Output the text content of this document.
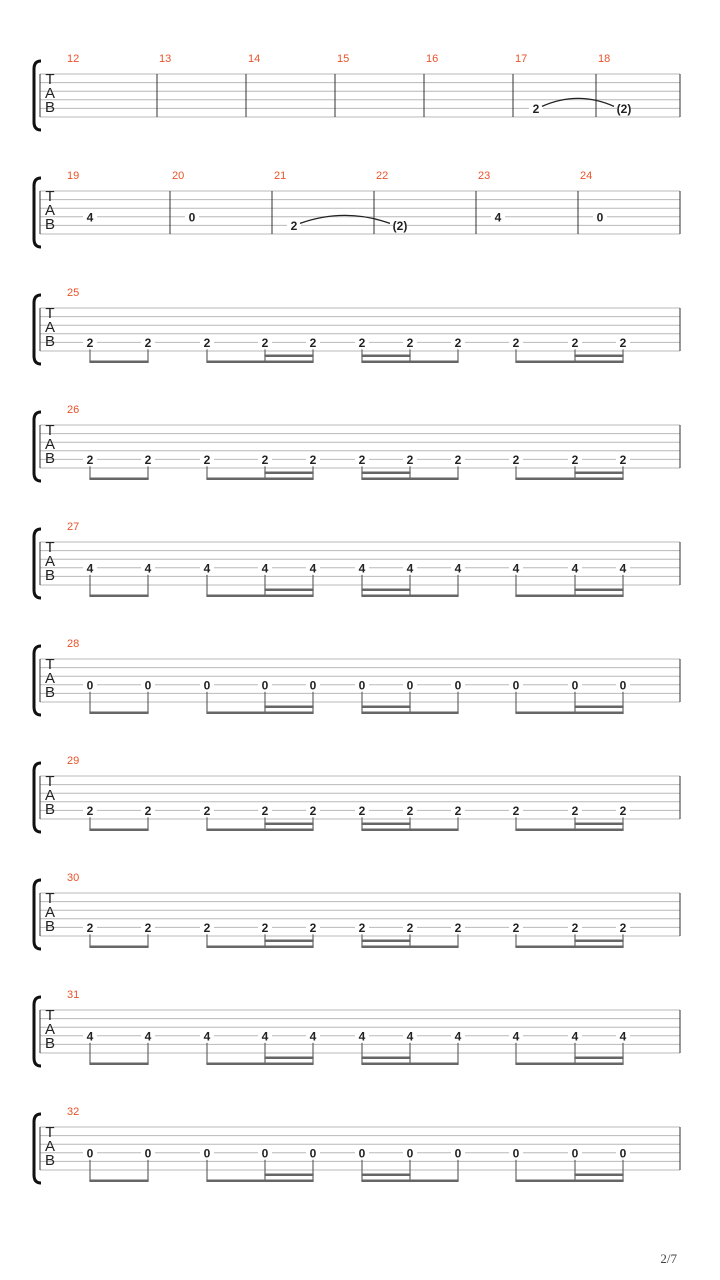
T
A
B
12	13	14	15	16	17	18
2	(2)
T
A
B
19	20	21	22	23	24
4	0
2	(2)
4	0
T
A
B
25
2	2	2	2	2	2	2	2	2	2	2
T
A
B
26
2	2	2	2	2	2	2	2	2	2	2
T
A
B
27
4	4	4	4	4	4	4	4	4	4	4
T
A
B
28
0	0	0	0	0	0	0	0	0	0	0
T
A
B
29
2	2	2	2	2	2	2	2	2	2	2
T
A
B
30
2	2	2	2	2	2	2	2	2	2	2
T
A
B
31
4	4	4	4	4	4	4	4	4	4	4
T
A
B
32
0	0	0	0	0	0	0	0	0	0	0
2/7
